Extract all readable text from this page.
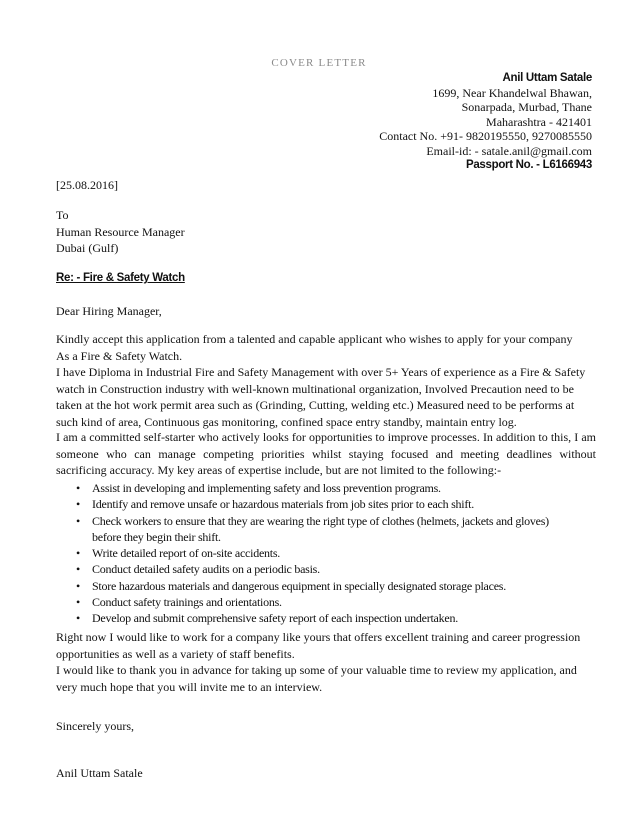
COVER LETTER
Anil Uttam Satale
1699, Near Khandelwal Bhawan,
Sonarpada, Murbad, Thane
Maharashtra - 421401
Contact No. +91- 9820195550, 9270085550
Email-id: - satale.anil@gmail.com
Passport No. - L6166943
[25.08.2016]
To
Human Resource Manager
Dubai (Gulf)
Re: - Fire & Safety Watch
Dear Hiring Manager,
Kindly accept this application from a talented and capable applicant who wishes to apply for your company
As a Fire & Safety Watch.
I have Diploma in Industrial Fire and Safety Management with over 5+ Years of experience as a Fire & Safety
watch in Construction industry with well-known multinational organization, Involved Precaution need to be
taken at the hot work permit area such as (Grinding, Cutting, welding etc.) Measured need to be performs at
such kind of area, Continuous gas monitoring, confined space entry standby, maintain entry log.
I am a committed self-starter who actively looks for opportunities to improve processes. In addition to this, I am someone who can manage competing priorities whilst staying focused and meeting deadlines without sacrificing accuracy. My key areas of expertise include, but are not limited to the following:-
• Assist in developing and implementing safety and loss prevention programs.
• Identify and remove unsafe or hazardous materials from job sites prior to each shift.
• Check workers to ensure that they are wearing the right type of clothes (helmets, jackets and gloves) before they begin their shift.
• Write detailed report of on-site accidents.
• Conduct detailed safety audits on a periodic basis.
• Store hazardous materials and dangerous equipment in specially designated storage places.
• Conduct safety trainings and orientations.
• Develop and submit comprehensive safety report of each inspection undertaken.
Right now I would like to work for a company like yours that offers excellent training and career progression
opportunities as well as a variety of staff benefits.
I would like to thank you in advance for taking up some of your valuable time to review my application, and
very much hope that you will invite me to an interview.
Sincerely yours,
Anil Uttam Satale
